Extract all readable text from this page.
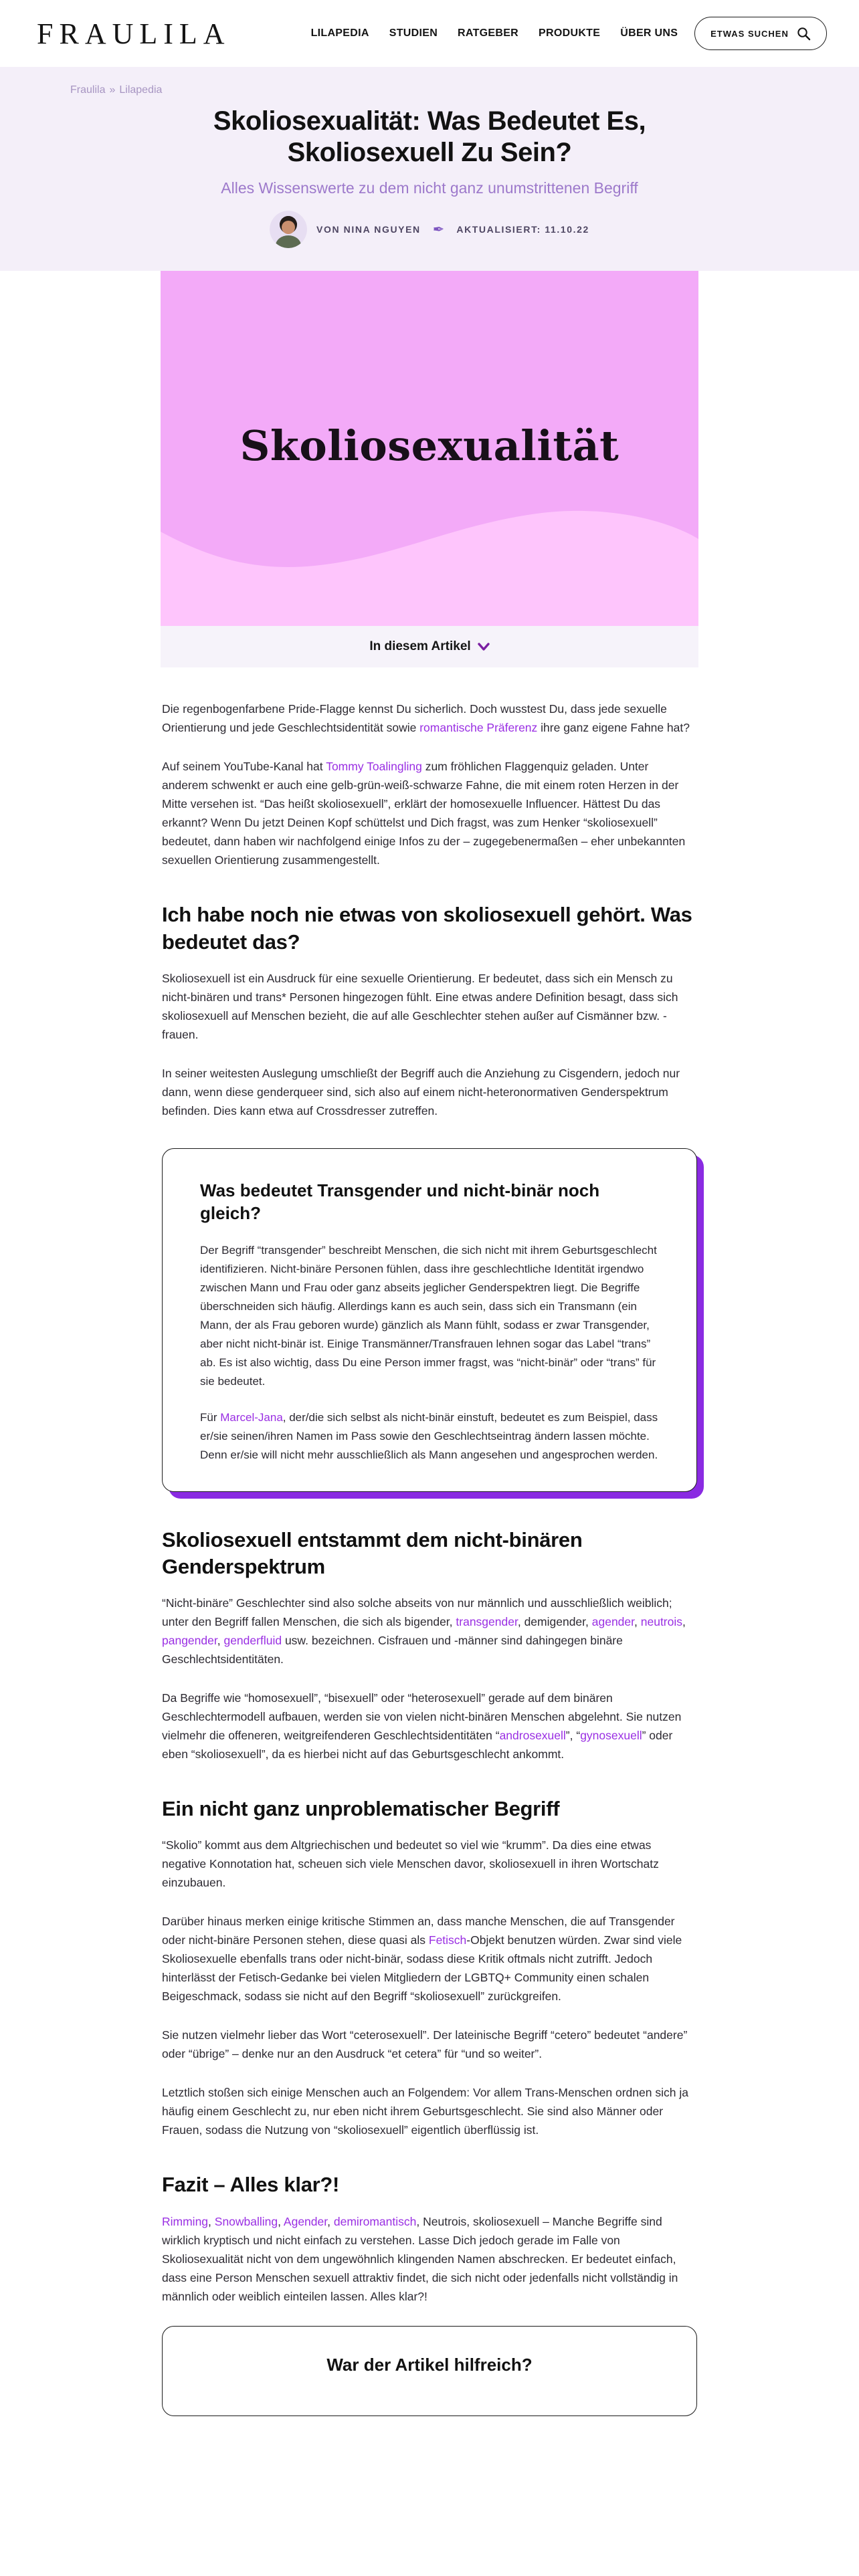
FRAULILA	LILAPEDIA STUDIEN RATGEBER PRODUKTE ÜBER UNS	ETWAS SUCHEN
Fraulila » Lilapedia
Skoliosexualität: Was Bedeutet Es, Skoliosexuell Zu Sein?
Alles Wissenswerte zu dem nicht ganz unumstrittenen Begriff
VON NINA NGUYEN ✒ AKTUALISIERT: 11.10.22
Skoliosexualität
In diesem Artikel

Die regenbogenfarbene Pride-Flagge kennst Du sicherlich. Doch wusstest Du, dass jede sexuelle Orientierung und jede Geschlechtsidentität sowie romantische Präferenz ihre ganz eigene Fahne hat?

Auf seinem YouTube-Kanal hat Tommy Toalingling zum fröhlichen Flaggenquiz geladen. Unter anderem schwenkt er auch eine gelb-grün-weiß-schwarze Fahne, die mit einem roten Herzen in der Mitte versehen ist. “Das heißt skoliosexuell”, erklärt der homosexuelle Influencer. Hättest Du das erkannt? Wenn Du jetzt Deinen Kopf schüttelst und Dich fragst, was zum Henker “skoliosexuell” bedeutet, dann haben wir nachfolgend einige Infos zu der – zugegebenermaßen – eher unbekannten sexuellen Orientierung zusammengestellt.

Ich habe noch nie etwas von skoliosexuell gehört. Was bedeutet das?

Skoliosexuell ist ein Ausdruck für eine sexuelle Orientierung. Er bedeutet, dass sich ein Mensch zu nicht-binären und trans* Personen hingezogen fühlt. Eine etwas andere Definition besagt, dass sich skoliosexuell auf Menschen bezieht, die auf alle Geschlechter stehen außer auf Cismänner bzw. -frauen.

In seiner weitesten Auslegung umschließt der Begriff auch die Anziehung zu Cisgendern, jedoch nur dann, wenn diese genderqueer sind, sich also auf einem nicht-heteronormativen Genderspektrum befinden. Dies kann etwa auf Crossdresser zutreffen.

Was bedeutet Transgender und nicht-binär noch gleich?

Der Begriff “transgender” beschreibt Menschen, die sich nicht mit ihrem Geburtsgeschlecht identifizieren. Nicht-binäre Personen fühlen, dass ihre geschlechtliche Identität irgendwo zwischen Mann und Frau oder ganz abseits jeglicher Genderspektren liegt. Die Begriffe überschneiden sich häufig. Allerdings kann es auch sein, dass sich ein Transmann (ein Mann, der als Frau geboren wurde) gänzlich als Mann fühlt, sodass er zwar Transgender, aber nicht nicht-binär ist. Einige Transmänner/Transfrauen lehnen sogar das Label “trans” ab. Es ist also wichtig, dass Du eine Person immer fragst, was “nicht-binär” oder “trans” für sie bedeutet.

Für Marcel-Jana, der/die sich selbst als nicht-binär einstuft, bedeutet es zum Beispiel, dass er/sie seinen/ihren Namen im Pass sowie den Geschlechtseintrag ändern lassen möchte. Denn er/sie will nicht mehr ausschließlich als Mann angesehen und angesprochen werden.

Skoliosexuell entstammt dem nicht-binären Genderspektrum

“Nicht-binäre” Geschlechter sind also solche abseits von nur männlich und ausschließlich weiblich; unter den Begriff fallen Menschen, die sich als bigender, transgender, demigender, agender, neutrois, pangender, genderfluid usw. bezeichnen. Cisfrauen und -männer sind dahingegen binäre Geschlechtsidentitäten.

Da Begriffe wie “homosexuell”, “bisexuell” oder “heterosexuell” gerade auf dem binären Geschlechtermodell aufbauen, werden sie von vielen nicht-binären Menschen abgelehnt. Sie nutzen vielmehr die offeneren, weitgreifenderen Geschlechtsidentitäten “androsexuell”, “gynosexuell” oder eben “skoliosexuell”, da es hierbei nicht auf das Geburtsgeschlecht ankommt.

Ein nicht ganz unproblematischer Begriff

“Skolio” kommt aus dem Altgriechischen und bedeutet so viel wie “krumm”. Da dies eine etwas negative Konnotation hat, scheuen sich viele Menschen davor, skoliosexuell in ihren Wortschatz einzubauen.

Darüber hinaus merken einige kritische Stimmen an, dass manche Menschen, die auf Transgender oder nicht-binäre Personen stehen, diese quasi als Fetisch-Objekt benutzen würden. Zwar sind viele Skoliosexuelle ebenfalls trans oder nicht-binär, sodass diese Kritik oftmals nicht zutrifft. Jedoch hinterlässt der Fetisch-Gedanke bei vielen Mitgliedern der LGBTQ+ Community einen schalen Beigeschmack, sodass sie nicht auf den Begriff “skoliosexuell” zurückgreifen.

Sie nutzen vielmehr lieber das Wort “ceterosexuell”. Der lateinische Begriff “cetero” bedeutet “andere” oder “übrige” – denke nur an den Ausdruck “et cetera” für “und so weiter”.

Letztlich stoßen sich einige Menschen auch an Folgendem: Vor allem Trans-Menschen ordnen sich ja häufig einem Geschlecht zu, nur eben nicht ihrem Geburtsgeschlecht. Sie sind also Männer oder Frauen, sodass die Nutzung von “skoliosexuell” eigentlich überflüssig ist.

Fazit – Alles klar?!

Rimming, Snowballing, Agender, demiromantisch, Neutrois, skoliosexuell – Manche Begriffe sind wirklich kryptisch und nicht einfach zu verstehen. Lasse Dich jedoch gerade im Falle von Skoliosexualität nicht von dem ungewöhnlich klingenden Namen abschrecken. Er bedeutet einfach, dass eine Person Menschen sexuell attraktiv findet, die sich nicht oder jedenfalls nicht vollständig in männlich oder weiblich einteilen lassen. Alles klar?!

War der Artikel hilfreich?
